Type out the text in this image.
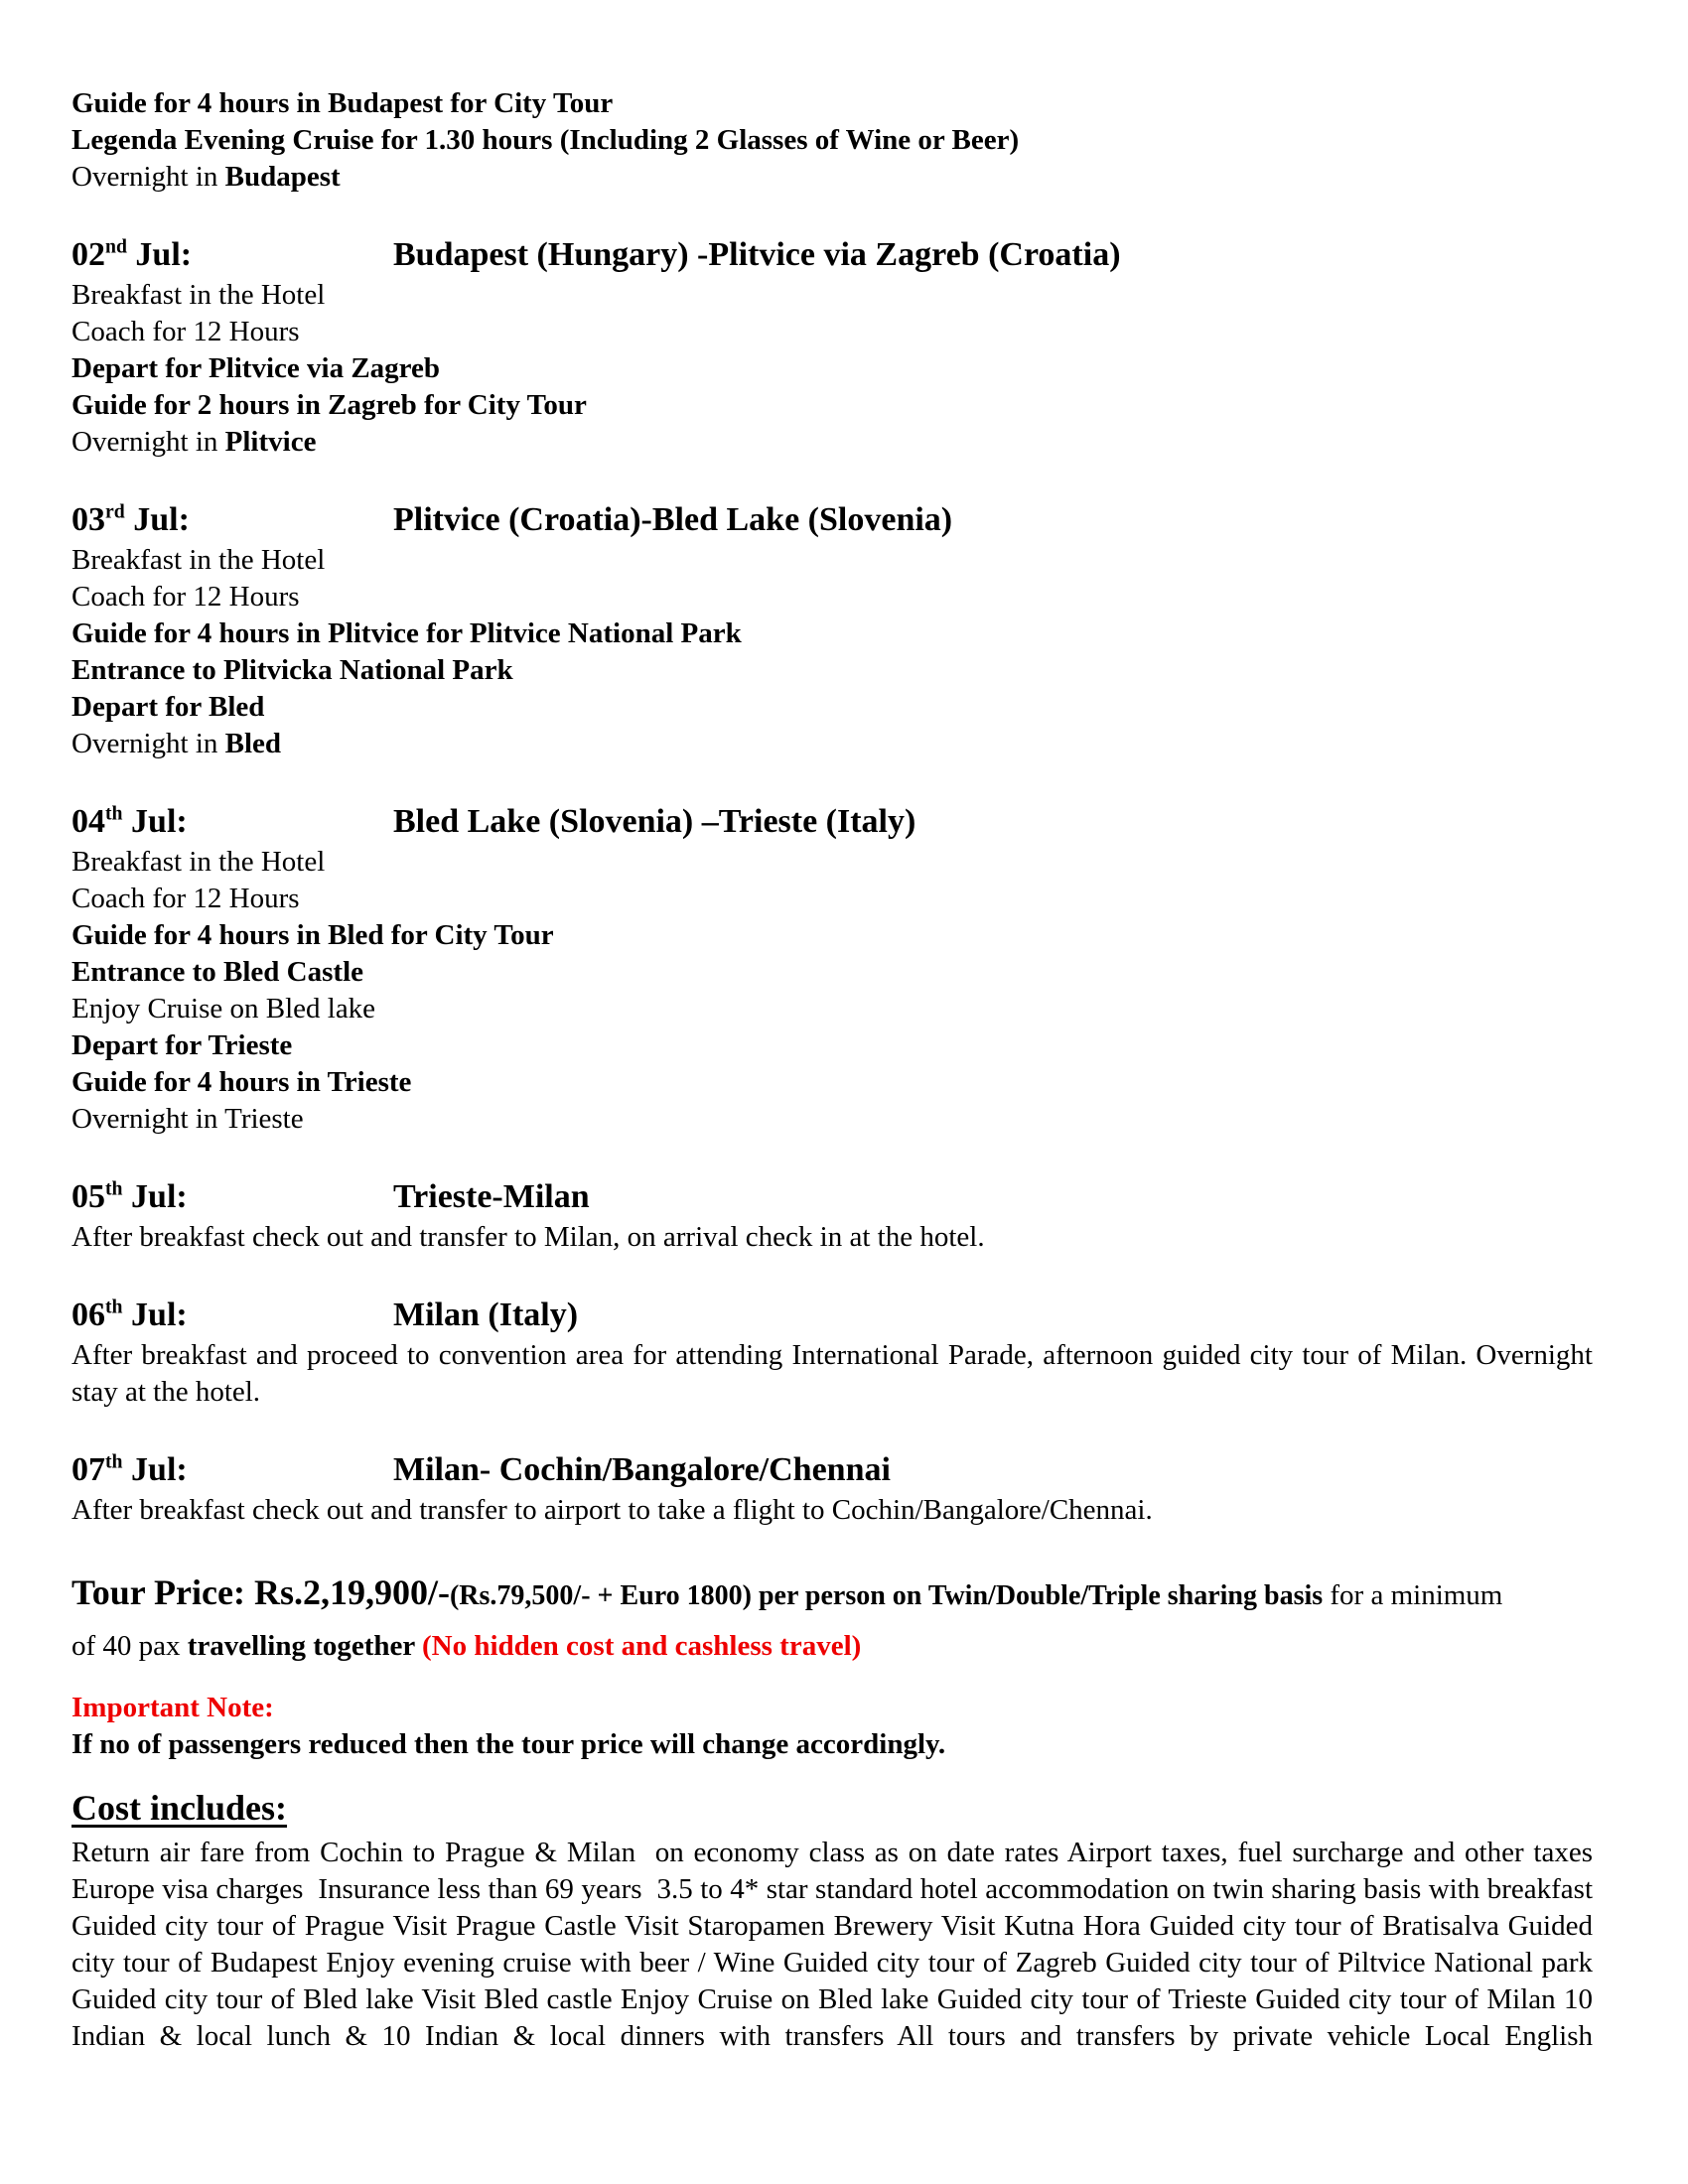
Guide for 4 hours in Budapest for City Tour
Legenda Evening Cruise for 1.30 hours (Including 2 Glasses of Wine or Beer)
Overnight in Budapest
02nd Jul:	Budapest (Hungary) -Plitvice via Zagreb (Croatia)
Breakfast in the Hotel
Coach for 12 Hours
Depart for Plitvice via Zagreb
Guide for 2 hours in Zagreb for City Tour
Overnight in Plitvice
03rd Jul:	Plitvice (Croatia)-Bled Lake (Slovenia)
Breakfast in the Hotel
Coach for 12 Hours
Guide for 4 hours in Plitvice for Plitvice National Park
Entrance to Plitvicka National Park
Depart for Bled
Overnight in Bled
04th Jul:	Bled Lake (Slovenia) –Trieste (Italy)
Breakfast in the Hotel
Coach for 12 Hours
Guide for 4 hours in Bled for City Tour
Entrance to Bled Castle
Enjoy Cruise on Bled lake
Depart for Trieste
Guide for 4 hours in Trieste
Overnight in Trieste
05th Jul:	Trieste-Milan

After breakfast check out and transfer to Milan, on arrival check in at the hotel.

06th Jul:	Milan (Italy)

After breakfast and proceed to convention area for attending International Parade, afternoon guided city tour of Milan. Overnight stay at the hotel.

07th Jul:	Milan- Cochin/Bangalore/Chennai

After breakfast check out and transfer to airport to take a flight to Cochin/Bangalore/Chennai.

Tour Price: Rs.2,19,900/-(Rs.79,500/- + Euro 1800) per person on Twin/Double/Triple sharing basis for a minimum
of 40 pax travelling together (No hidden cost and cashless travel)
Important Note:
If no of passengers reduced then the tour price will change accordingly.
Cost includes:

Return air fare from Cochin to Prague & Milan  on economy class as on date rates Airport taxes, fuel surcharge and other taxes Europe visa charges  Insurance less than 69 years  3.5 to 4* star standard hotel accommodation on twin sharing basis with breakfast Guided city tour of Prague Visit Prague Castle Visit Staropamen Brewery Visit Kutna Hora Guided city tour of Bratisalva Guided city tour of Budapest Enjoy evening cruise with beer / Wine Guided city tour of Zagreb Guided city tour of Piltvice National park Guided city tour of Bled lake Visit Bled castle Enjoy Cruise on Bled lake Guided city tour of Trieste Guided city tour of Milan 10 Indian & local lunch & 10 Indian & local dinners with transfers All tours and transfers by private vehicle Local English
